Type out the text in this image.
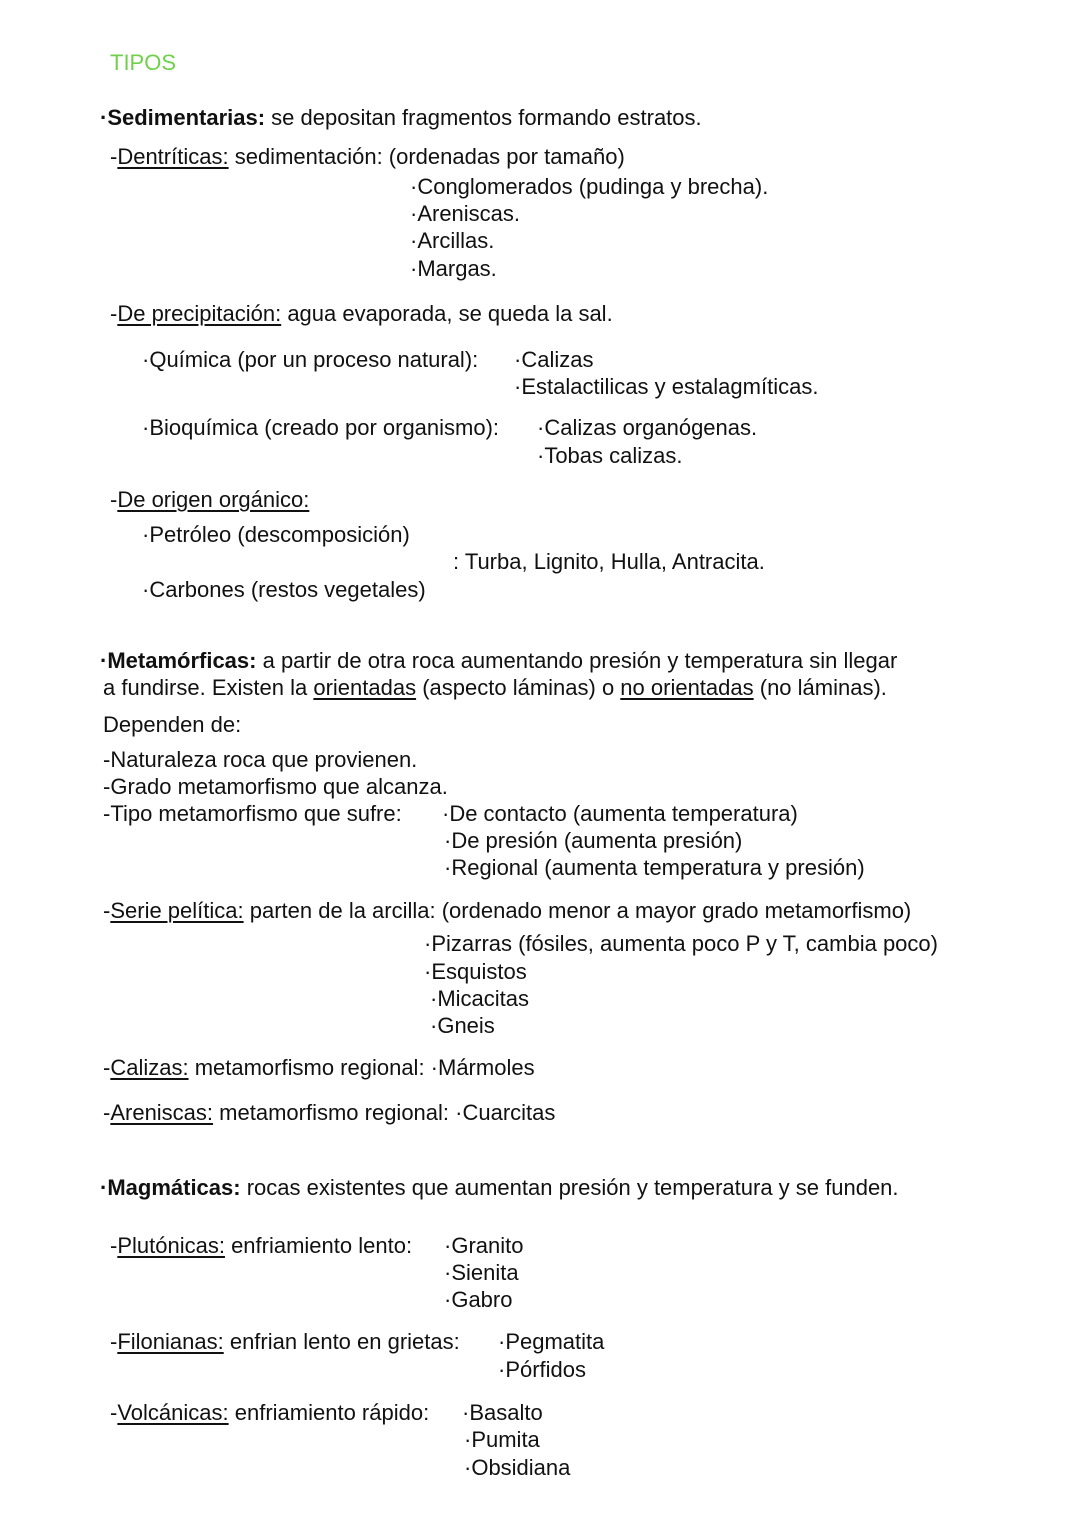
TIPOS

·Sedimentarias: se depositan fragmentos formando estratos.

-Dentríticas: sedimentación: (ordenadas por tamaño)

·Conglomerados (pudinga y brecha).

·Areniscas.

·Arcillas.

·Margas.

-De precipitación: agua evaporada, se queda la sal.

·Química (por un proceso natural): ·Calizas

·Estalactilicas y estalagmíticas.

·Bioquímica (creado por organismo): ·Calizas organógenas.

·Tobas calizas.

-De origen orgánico:

·Petróleo (descomposición)

: Turba, Lignito, Hulla, Antracita.

·Carbones (restos vegetales)

·Metamórficas: a partir de otra roca aumentando presión y temperatura sin llegar

a fundirse. Existen la orientadas (aspecto láminas) o no orientadas (no láminas).

Dependen de:

-Naturaleza roca que provienen.

-Grado metamorfismo que alcanza.

-Tipo metamorfismo que sufre: ·De contacto (aumenta temperatura)

·De presión (aumenta presión)

·Regional (aumenta temperatura y presión)

-Serie pelítica: parten de la arcilla: (ordenado menor a mayor grado metamorfismo)

·Pizarras (fósiles, aumenta poco P y T, cambia poco)

·Esquistos

·Micacitas

·Gneis

-Calizas: metamorfismo regional: ·Mármoles

-Areniscas: metamorfismo regional: ·Cuarcitas

·Magmáticas: rocas existentes que aumentan presión y temperatura y se funden.

-Plutónicas: enfriamiento lento: ·Granito

·Sienita

·Gabro

-Filonianas: enfrian lento en grietas: ·Pegmatita

·Pórfidos

-Volcánicas: enfriamiento rápido: ·Basalto

·Pumita

·Obsidiana
